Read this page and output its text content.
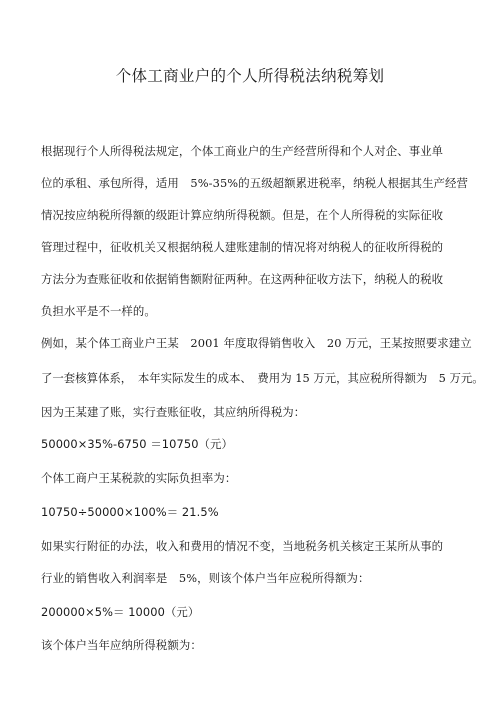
个体工商业户的个人所得税法纳税筹划
根据现行个人所得税法规定，个体工商业户的生产经营所得和个人对企、事业单
位的承租、承包所得，适用　5%-35%的五级超额累进税率，纳税人根据其生产经营
情况按应纳税所得额的级距计算应纳所得税额。但是，在个人所得税的实际征收
管理过程中，征收机关又根据纳税人建账建制的情况将对纳税人的征收所得税的
方法分为查账征收和依据销售额附征两种。在这两种征收方法下，纳税人的税收
负担水平是不一样的。
例如，某个体工商业户王某　2001 年度取得销售收入　20 万元，王某按照要求建立
了一套核算体系，　本年实际发生的成本、　费用为 15 万元，其应税所得额为　5 万元。
因为王某建了账，实行查账征收，其应纳所得税为：
50000×35%-6750 ＝10750（元）
个体工商户王某税款的实际负担率为：
10750÷50000×100%＝ 21.5%
如果实行附征的办法，收入和费用的情况不变，当地税务机关核定王某所从事的
行业的销售收入利润率是　5%，则该个体户当年应税所得额为：
200000×5%＝ 10000（元）
该个体户当年应纳所得税额为：
